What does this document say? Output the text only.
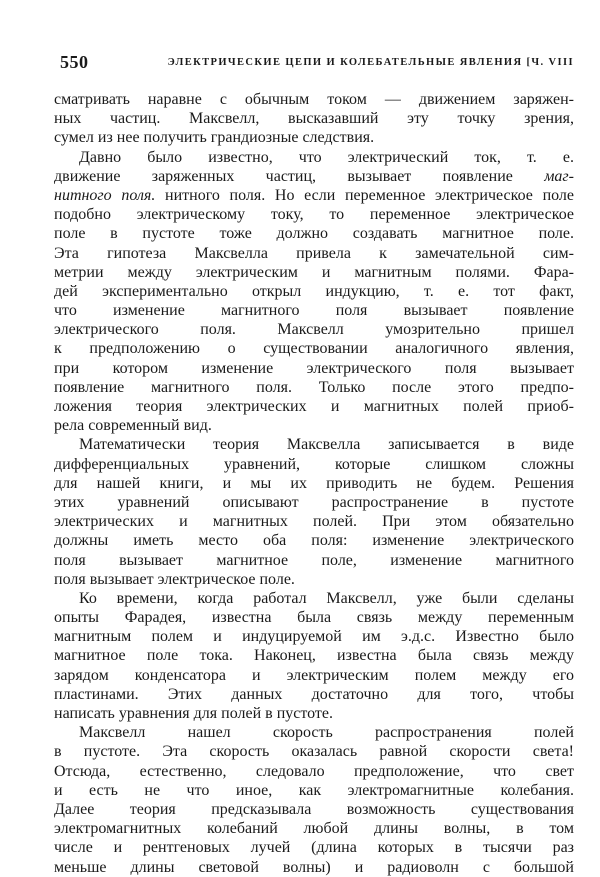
550	ЭЛЕКТРИЧЕСКИЕ ЦЕПИ И КОЛЕБАТЕЛЬНЫЕ ЯВЛЕНИЯ [Ч. VIII
сматривать наравне с обычным током — движением заряжен-
ных частиц. Максвелл, высказавший эту точку зрения,
сумел из нее получить грандиозные следствия.
Давно было известно, что электрический ток, т. е.
движение заряженных частиц, вызывает появление маг-
нитного поля. нитного поля. Но если переменное электрическое поле
подобно электрическому току, то переменное электрическое
поле в пустоте тоже должно создавать магнитное поле.
Эта гипотеза Максвелла привела к замечательной сим-
метрии между электрическим и магнитным полями. Фара-
дей экспериментально открыл индукцию, т. е. тот факт,
что изменение магнитного поля вызывает появление
электрического поля. Максвелл умозрительно пришел
к предположению о существовании аналогичного явления,
при котором изменение электрического поля вызывает
появление магнитного поля. Только после этого предпо-
ложения теория электрических и магнитных полей приоб-
рела современный вид.
Математически теория Максвелла записывается в виде
дифференциальных уравнений, которые слишком сложны
для нашей книги, и мы их приводить не будем. Решения
этих уравнений описывают распространение в пустоте
электрических и магнитных полей. При этом обязательно
должны иметь место оба поля: изменение электрического
поля вызывает магнитное поле, изменение магнитного
поля вызывает электрическое поле.
Ко времени, когда работал Максвелл, уже были сделаны
опыты Фарадея, известна была связь между переменным
магнитным полем и индуцируемой им э.д.с. Известно было
магнитное поле тока. Наконец, известна была связь между
зарядом конденсатора и электрическим полем между его
пластинами. Этих данных достаточно для того, чтобы
написать уравнения для полей в пустоте.
Максвелл нашел скорость распространения полей
в пустоте. Эта скорость оказалась равной скорости света!
Отсюда, естественно, следовало предположение, что свет
и есть не что иное, как электромагнитные колебания.
Далее теория предсказывала возможность существования
электромагнитных колебаний любой длины волны, в том
числе и рентгеновых лучей (длина которых в тысячи раз
меньше длины световой волны) и радиоволн с большой
